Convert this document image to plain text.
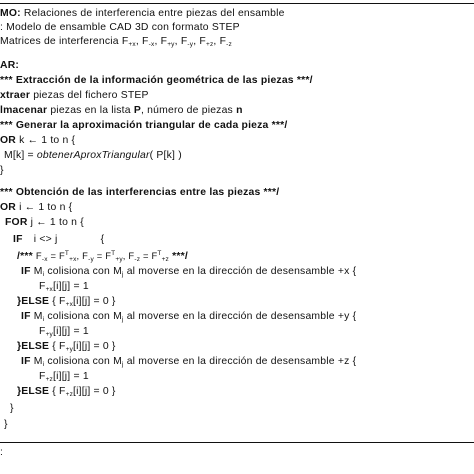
MO: Relaciones de interferencia entre piezas del ensamble
: Modelo de ensamble CAD 3D con formato STEP
Matrices de interferencia $F_{+x}$, $F_{-x}$, $F_{+y}$, $F_{-y}$, $F_{+z}$, $F_{-z}$
AR:
*** Extracción de la información geométrica de las piezas ***/
xtraer piezas del fichero STEP
lmacenar piezas en la lista P, número de piezas n
*** Generar la aproximación triangular de cada pieza ***/
OR k ← 1 to n {
M[k] = obtenerAproxTriangular( P[k] )
}
*** Obtención de las interferencias entre las piezas ***/
OR i ← 1 to n {
FOR j ← 1 to n {
IF i <> j	{
/*** $F_{-x} = F^T_{+x}$, $F_{-y} = F^T_{+y}$, $F_{-z} = F^T_{+z}$ ***/
IF $M_i$ colisiona con $M_j$ al moverse en la dirección de desensamble +x {
$F_{+x}[i][j] = 1$
}ELSE { $F_{+x}[i][j] = 0$ }
IF $M_i$ colisiona con $M_j$ al moverse en la dirección de desensamble +y {
$F_{+y}[i][j] = 1$
}ELSE { $F_{+y}[i][j] = 0$ }
IF $M_i$ colisiona con $M_j$ al moverse en la dirección de desensamble +z {
$F_{+z}[i][j] = 1$
}ELSE { $F_{+z}[i][j] = 0$ }
}
}
:
